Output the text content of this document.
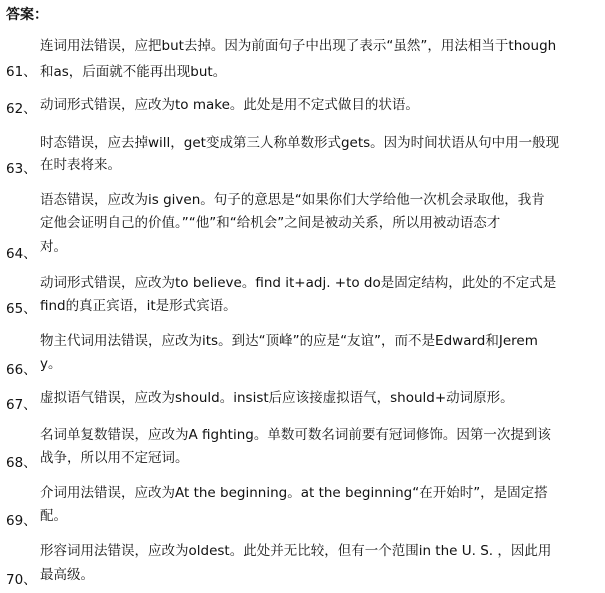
答案：
连词用法错误，应把but去掉。因为前面句子中出现了表示“虽然”，用法相当于though
61、 和as，后面就不能再出现but。
62、 动词形式错误，应改为to make。此处是用不定式做目的状语。
时态错误，应去掉will，get变成第三人称单数形式gets。因为时间状语从句中用一般现
63、 在时表将来。
语态错误，应改为is given。句子的意思是“如果你们大学给他一次机会录取他，我肯
定他会证明自己的价值。”“他”和“给机会”之间是被动关系，所以用被动语态才
64、 对。
动词形式错误，应改为to believe。find it+adj. +to do是固定结构，此处的不定式是
65、 find的真正宾语，it是形式宾语。
物主代词用法错误，应改为its。到达“顶峰”的应是“友谊”，而不是Edward和Jerem
66、 y。
67、 虚拟语气错误，应改为should。insist后应该接虚拟语气，should+动词原形。
名词单复数错误，应改为A fighting。单数可数名词前要有冠词修饰。因第一次提到该
68、 战争，所以用不定冠词。
介词用法错误，应改为At the beginning。at the beginning“在开始时”，是固定搭
69、 配。
形容词用法错误，应改为oldest。此处并无比较，但有一个范围in the U. S. ，因此用
70、 最高级。
